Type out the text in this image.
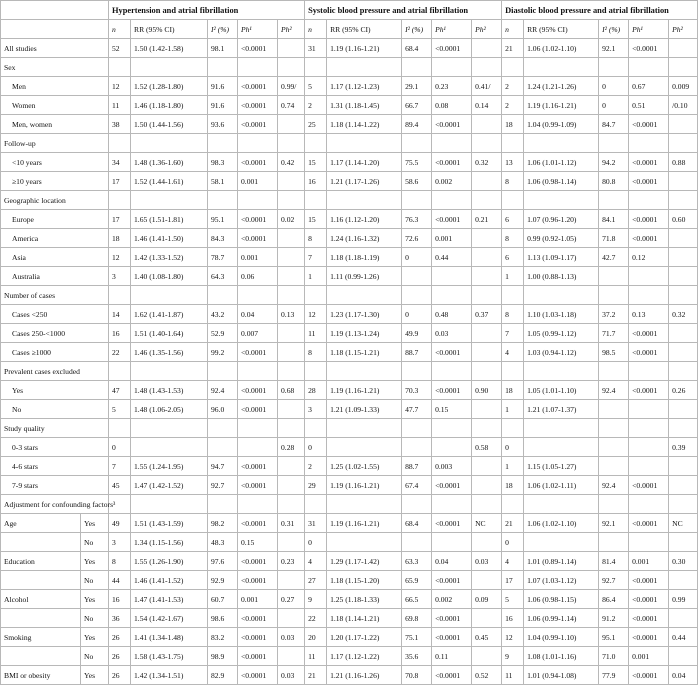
		Hypertension and atrial fibrillation					Systolic blood pressure and atrial fibrillation					Diastolic blood pressure and atrial fibrillation				
		n	RR (95% CI)	I² (%)	Ph¹	Ph²	n	RR (95% CI)	I² (%)	Ph¹	Ph²	n	RR (95% CI)	I² (%)	Ph¹	Ph²
All studies		52	1.50 (1.42-1.58)	98.1	<0.0001		31	1.19 (1.16-1.21)	68.4	<0.0001		21	1.06 (1.02-1.10)	92.1	<0.0001	
Sex																
Men		12	1.52 (1.28-1.80)	91.6	<0.0001	0.99/	5	1.17 (1.12-1.23)	29.1	0.23	0.41/	2	1.24 (1.21-1.26)	0	0.67	0.009
Women		11	1.46 (1.18-1.80)	91.6	<0.0001	0.74	2	1.31 (1.18-1.45)	66.7	0.08	0.14	2	1.19 (1.16-1.21)	0	0.51	/0.10
Men, women		38	1.50 (1.44-1.56)	93.6	<0.0001		25	1.18 (1.14-1.22)	89.4	<0.0001		18	1.04 (0.99-1.09)	84.7	<0.0001	
Follow-up																
<10 years		34	1.48 (1.36-1.60)	98.3	<0.0001	0.42	15	1.17 (1.14-1.20)	75.5	<0.0001	0.32	13	1.06 (1.01-1.12)	94.2	<0.0001	0.88
≥10 years		17	1.52 (1.44-1.61)	58.1	0.001		16	1.21 (1.17-1.26)	58.6	0.002		8	1.06 (0.98-1.14)	80.8	<0.0001	
Geographic location																
Europe		17	1.65 (1.51-1.81)	95.1	<0.0001	0.02	15	1.16 (1.12-1.20)	76.3	<0.0001	0.21	6	1.07 (0.96-1.20)	84.1	<0.0001	0.60
America		18	1.46 (1.41-1.50)	84.3	<0.0001		8	1.24 (1.16-1.32)	72.6	0.001		8	0.99 (0.92-1.05)	71.8	<0.0001	
Asia		12	1.42 (1.33-1.52)	78.7	0.001		7	1.18 (1.18-1.19)	0	0.44		6	1.13 (1.09-1.17)	42.7	0.12	
Australia		3	1.40 (1.08-1.80)	64.3	0.06		1	1.11 (0.99-1.26)				1	1.00 (0.88-1.13)			
Number of cases																
Cases <250		14	1.62 (1.41-1.87)	43.2	0.04	0.13	12	1.23 (1.17-1.30)	0	0.48	0.37	8	1.10 (1.03-1.18)	37.2	0.13	0.32
Cases 250-<1000		16	1.51 (1.40-1.64)	52.9	0.007		11	1.19 (1.13-1.24)	49.9	0.03		7	1.05 (0.99-1.12)	71.7	<0.0001	
Cases ≥1000		22	1.46 (1.35-1.56)	99.2	<0.0001		8	1.18 (1.15-1.21)	88.7	<0.0001		4	1.03 (0.94-1.12)	98.5	<0.0001	
Prevalent cases excluded																
Yes		47	1.48 (1.43-1.53)	92.4	<0.0001	0.68	28	1.19 (1.16-1.21)	70.3	<0.0001	0.90	18	1.05 (1.01-1.10)	92.4	<0.0001	0.26
No		5	1.48 (1.06-2.05)	96.0	<0.0001		3	1.21 (1.09-1.33)	47.7	0.15		1	1.21 (1.07-1.37)			
Study quality																
0-3 stars		0				0.28	0				0.58	0				0.39
4-6 stars		7	1.55 (1.24-1.95)	94.7	<0.0001		2	1.25 (1.02-1.55)	88.7	0.003		1	1.15 (1.05-1.27)			
7-9 stars		45	1.47 (1.42-1.52)	92.7	<0.0001		29	1.19 (1.16-1.21)	67.4	<0.0001		18	1.06 (1.02-1.11)	92.4	<0.0001	
Adjustment for confounding factors³																
Age	Yes	49	1.51 (1.43-1.59)	98.2	<0.0001	0.31	31	1.19 (1.16-1.21)	68.4	<0.0001	NC	21	1.06 (1.02-1.10)	92.1	<0.0001	NC
	No	3	1.34 (1.15-1.56)	48.3	0.15		0					0				
Education	Yes	8	1.55 (1.26-1.90)	97.6	<0.0001	0.23	4	1.29 (1.17-1.42)	63.3	0.04	0.03	4	1.01 (0.89-1.14)	81.4	0.001	0.30
	No	44	1.46 (1.41-1.52)	92.9	<0.0001		27	1.18 (1.15-1.20)	65.9	<0.0001		17	1.07 (1.03-1.12)	92.7	<0.0001	
Alcohol	Yes	16	1.47 (1.41-1.53)	60.7	0.001	0.27	9	1.25 (1.18-1.33)	66.5	0.002	0.09	5	1.06 (0.98-1.15)	86.4	<0.0001	0.99
	No	36	1.54 (1.42-1.67)	98.6	<0.0001		22	1.18 (1.14-1.21)	69.8	<0.0001		16	1.06 (0.99-1.14)	91.2	<0.0001	
Smoking	Yes	26	1.41 (1.34-1.48)	83.2	<0.0001	0.03	20	1.20 (1.17-1.22)	75.1	<0.0001	0.45	12	1.04 (0.99-1.10)	95.1	<0.0001	0.44
	No	26	1.58 (1.43-1.75)	98.9	<0.0001		11	1.17 (1.12-1.22)	35.6	0.11		9	1.08 (1.01-1.16)	71.0	0.001	
BMI or obesity	Yes	26	1.42 (1.34-1.51)	82.9	<0.0001	0.03	21	1.21 (1.16-1.26)	70.8	<0.0001	0.52	11	1.01 (0.94-1.08)	77.9	<0.0001	0.04
